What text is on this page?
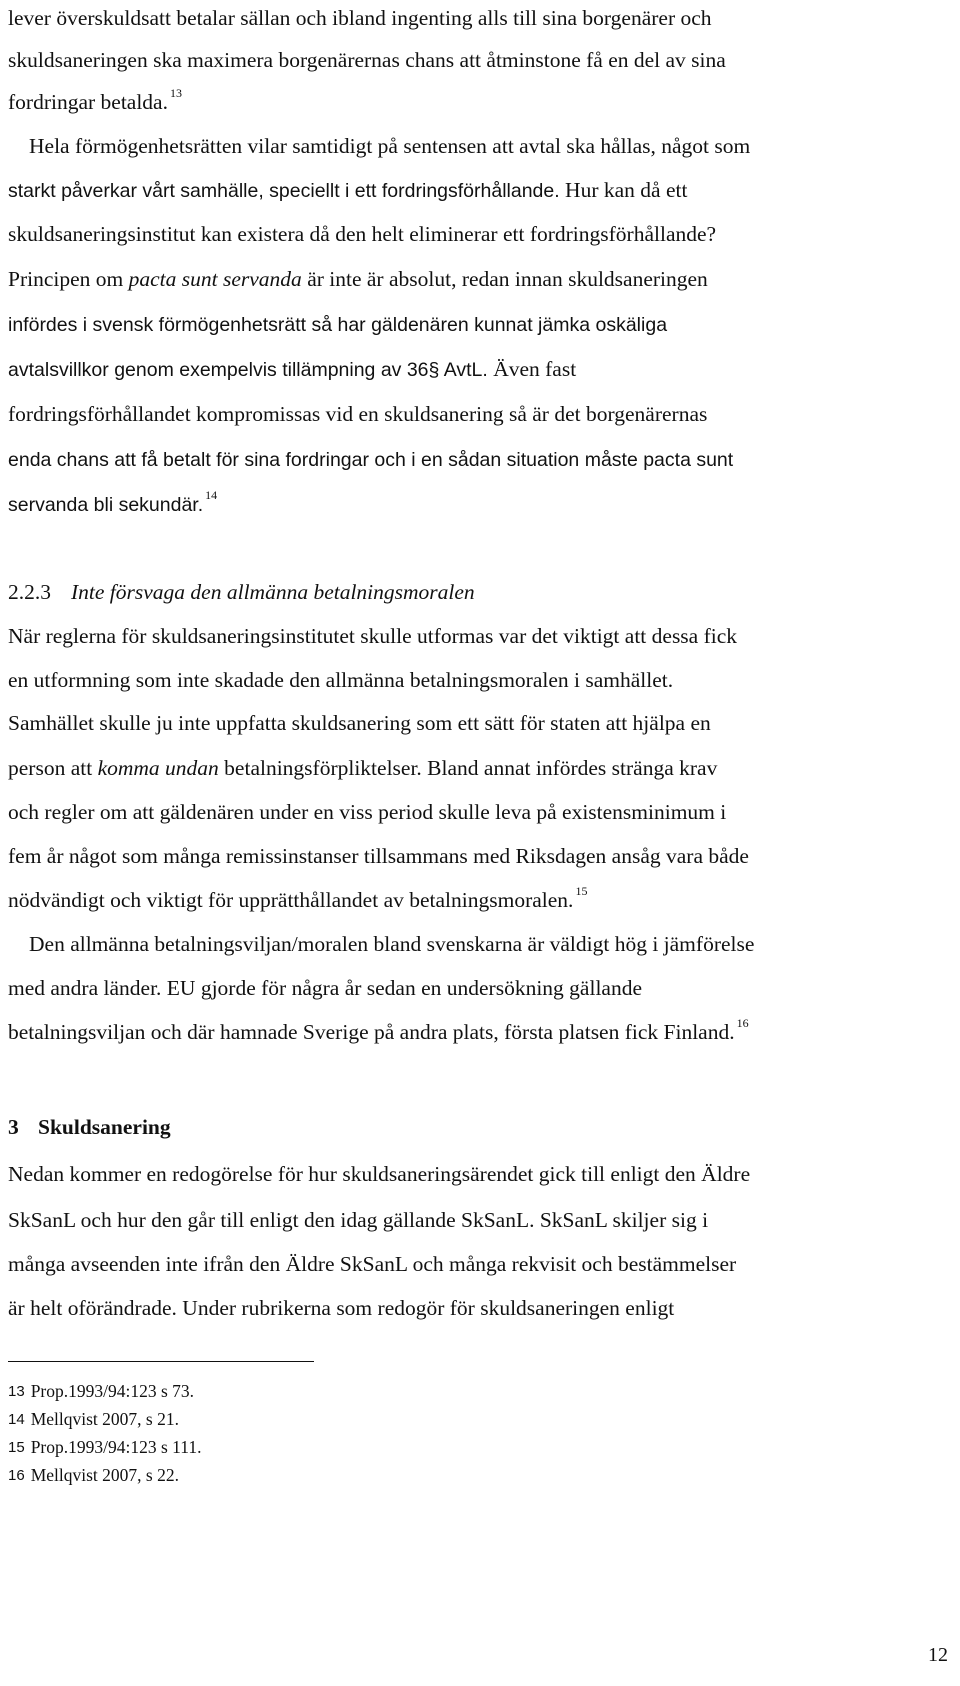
lever överskuldsatt betalar sällan och ibland ingenting alls till sina borgenärer och
skuldsaneringen ska maximera borgenärernas chans att åtminstone få en del av sina
fordringar betalda. $^{13}$
Hela förmögenhetsrätten vilar samtidigt på sentensen att avtal ska hållas, något som
starkt påverkar vårt samhälle, speciellt i ett fordringsförhållande. Hur kan då ett
skuldsaneringsinstitut kan existera då den helt eliminerar ett fordringsförhållande?
Principen om pacta sunt servanda är inte är absolut, redan innan skuldsaneringen
infördes i svensk förmögenhetsrätt så har gäldenären kunnat jämka oskäliga
avtalsvillkor genom exempelvis tillämpning av 36§ AvtL. Även fast
fordringsförhållandet kompromissas vid en skuldsanering så är det borgenärernas
enda chans att få betalt för sina fordringar och i en sådan situation måste pacta sunt
servanda bli sekundär. $^{14}$
2.2.3 Inte försvaga den allmänna betalningsmoralen
När reglerna för skuldsaneringsinstitutet skulle utformas var det viktigt att dessa fick
en utformning som inte skadade den allmänna betalningsmoralen i samhället.
Samhället skulle ju inte uppfatta skuldsanering som ett sätt för staten att hjälpa en
person att komma undan betalningsförpliktelser. Bland annat infördes stränga krav
och regler om att gäldenären under en viss period skulle leva på existensminimum i
fem år något som många remissinstanser tillsammans med Riksdagen ansåg vara både
nödvändigt och viktigt för upprätthållandet av betalningsmoralen. $^{15}$
Den allmänna betalningsviljan/moralen bland svenskarna är väldigt hög i jämförelse
med andra länder. EU gjorde för några år sedan en undersökning gällande
betalningsviljan och där hamnade Sverige på andra plats, första platsen fick Finland. $^{16}$
3 Skuldsanering
Nedan kommer en redogörelse för hur skuldsaneringsärendet gick till enligt den Äldre
SkSanL och hur den går till enligt den idag gällande SkSanL. SkSanL skiljer sig i
många avseenden inte ifrån den Äldre SkSanL och många rekvisit och bestämmelser
är helt oförändrade. Under rubrikerna som redogör för skuldsaneringen enligt
13 Prop.1993/94:123 s 73.
14 Mellqvist 2007, s 21.
15 Prop.1993/94:123 s 111.
16 Mellqvist 2007, s 22.
12
